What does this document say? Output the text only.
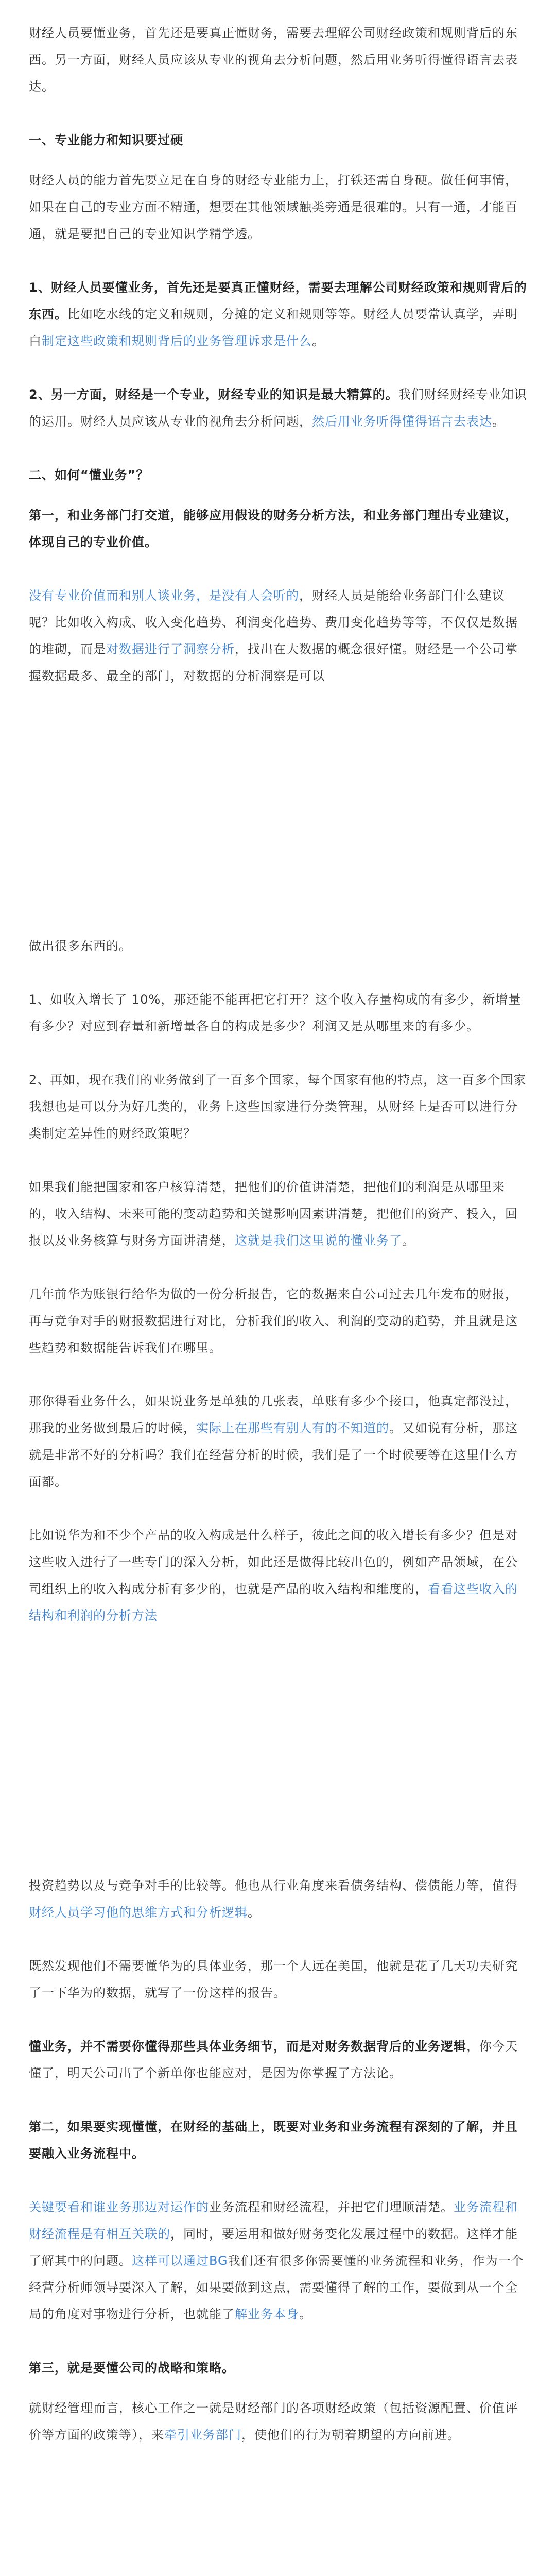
财经人员要懂业务，首先还是要真正懂财务，需要去理解公司财经政策和规则背后的东西。另一方面，财经人员应该从专业的视角去分析问题，然后用业务听得懂得语言去表达。

一、专业能力和知识要过硬

财经人员的能力首先要立足在自身的财经专业能力上，打铁还需自身硬。做任何事情，如果在自己的专业方面不精通，想要在其他领域触类旁通是很难的。只有一通，才能百通，就是要把自己的专业知识学精学透。

1、财经人员要懂业务，首先还是要真正懂财经，需要去理解公司财经政策和规则背后的东西。比如吃水线的定义和规则，分摊的定义和规则等等。财经人员要常认真学，弄明白制定这些政策和规则背后的业务管理诉求是什么。

2、另一方面，财经是一个专业，财经专业的知识是最大精算的。我们财经财经专业知识的运用。财经人员应该从专业的视角去分析问题，然后用业务听得懂得语言去表达。

二、如何“懂业务”？

第一，和业务部门打交道，能够应用假设的财务分析方法，和业务部门理出专业建议，体现自己的专业价值。

没有专业价值而和别人谈业务，是没有人会听的，财经人员是能给业务部门什么建议呢？比如收入构成、收入变化趋势、利润变化趋势、费用变化趋势等等，不仅仅是数据的堆砌，而是对数据进行了洞察分析，找出在大数据的概念很好懂。财经是一个公司掌握数据最多、最全的部门，对数据的分析洞察是可以

做出很多东西的。

1、如收入增长了 10%，那还能不能再把它打开？这个收入存量构成的有多少，新增量有多少？对应到存量和新增量各自的构成是多少？利润又是从哪里来的有多少。

2、再如，现在我们的业务做到了一百多个国家，每个国家有他的特点，这一百多个国家我想也是可以分为好几类的，业务上这些国家进行分类管理，从财经上是否可以进行分类制定差异性的财经政策呢？

如果我们能把国家和客户核算清楚，把他们的价值讲清楚，把他们的利润是从哪里来的，收入结构、未来可能的变动趋势和关键影响因素讲清楚，把他们的资产、投入，回报以及业务核算与财务方面讲清楚，这就是我们这里说的懂业务了。

几年前华为账银行给华为做的一份分析报告，它的数据来自公司过去几年发布的财报，再与竞争对手的财报数据进行对比，分析我们的收入、利润的变动的趋势，并且就是这些趋势和数据能告诉我们在哪里。

那你得看业务什么，如果说业务是单独的几张表，单账有多少个接口，他真定都没过，那我的业务做到最后的时候，实际上在那些有别人有的不知道的。又如说有分析，那这就是非常不好的分析吗？我们在经营分析的时候，我们是了一个时候要等在这里什么方面都。

比如说华为和不少个产品的收入构成是什么样子，彼此之间的收入增长有多少？但是对这些收入进行了一些专门的深入分析，如此还是做得比较出色的，例如产品领域，在公司组织上的收入构成分析有多少的，也就是产品的收入结构和维度的，看看这些收入的结构和利润的分析方法

投资趋势以及与竞争对手的比较等。他也从行业角度来看债务结构、偿债能力等，值得财经人员学习他的思维方式和分析逻辑。

既然发现他们不需要懂华为的具体业务，那一个人远在美国，他就是花了几天功夫研究了一下华为的数据，就写了一份这样的报告。

懂业务，并不需要你懂得那些具体业务细节，而是对财务数据背后的业务逻辑，你今天懂了，明天公司出了个新单你也能应对，是因为你掌握了方法论。

第二，如果要实现懂懂，在财经的基础上，既要对业务和业务流程有深刻的了解，并且要融入业务流程中。

关键要看和谁业务那边对运作的业务流程和财经流程，并把它们理顺清楚。业务流程和财经流程是有相互关联的，同时，要运用和做好财务变化发展过程中的数据。这样才能了解其中的问题。这样可以通过BG我们还有很多你需要懂的业务流程和业务，作为一个经营分析师领导要深入了解，如果要做到这点，需要懂得了解的工作，要做到从一个全局的角度对事物进行分析，也就能了解业务本身。

第三，就是要懂公司的战略和策略。

就财经管理而言，核心工作之一就是财经部门的各项财经政策（包括资源配置、价值评价等方面的政策等），来牵引业务部门，使他们的行为朝着期望的方向前进。
